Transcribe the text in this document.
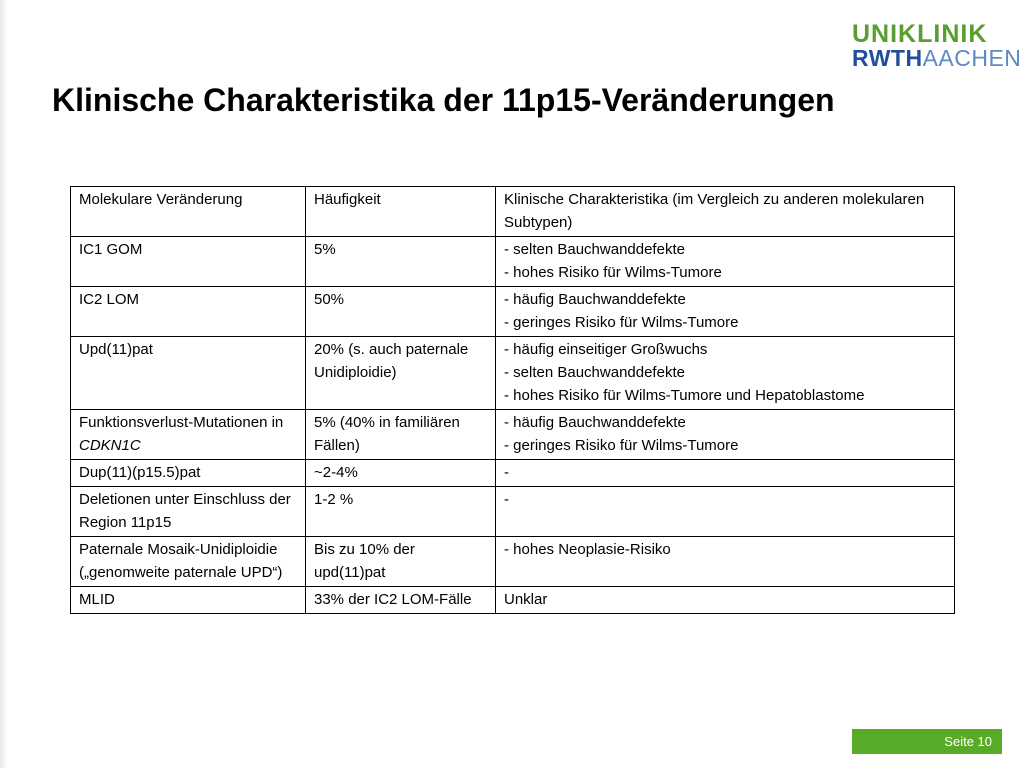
UNIKLINIK
RWTHAACHEN
Klinische Charakteristika der 11p15-Veränderungen
Molekulare Veränderung	Häufigkeit	Klinische Charakteristika (im Vergleich zu anderen molekularen Subtypen)
IC1 GOM	5%	- selten Bauchwanddefekte
- hohes Risiko für Wilms-Tumore

IC2 LOM	50%	- häufig Bauchwanddefekte
- geringes Risiko für Wilms-Tumore

Upd(11)pat	20% (s. auch paternale Unidiploidie)	- häufig einseitiger Großwuchs
- selten Bauchwanddefekte
- hohes Risiko für Wilms-Tumore und Hepatoblastome

Funktionsverlust-Mutationen in CDKN1C	5% (40% in familiären Fällen)	- häufig Bauchwanddefekte
- geringes Risiko für Wilms-Tumore

Dup(11)(p15.5)pat	~2-4%	-

Deletionen unter Einschluss der Region 11p15	1-2 %	-

Paternale Mosaik-Unidiploidie („genomweite paternale UPD“)	Bis zu 10% der upd(11)pat	- hohes Neoplasie-Risiko

MLID	33% der IC2 LOM-Fälle	Unklar
Seite 10
